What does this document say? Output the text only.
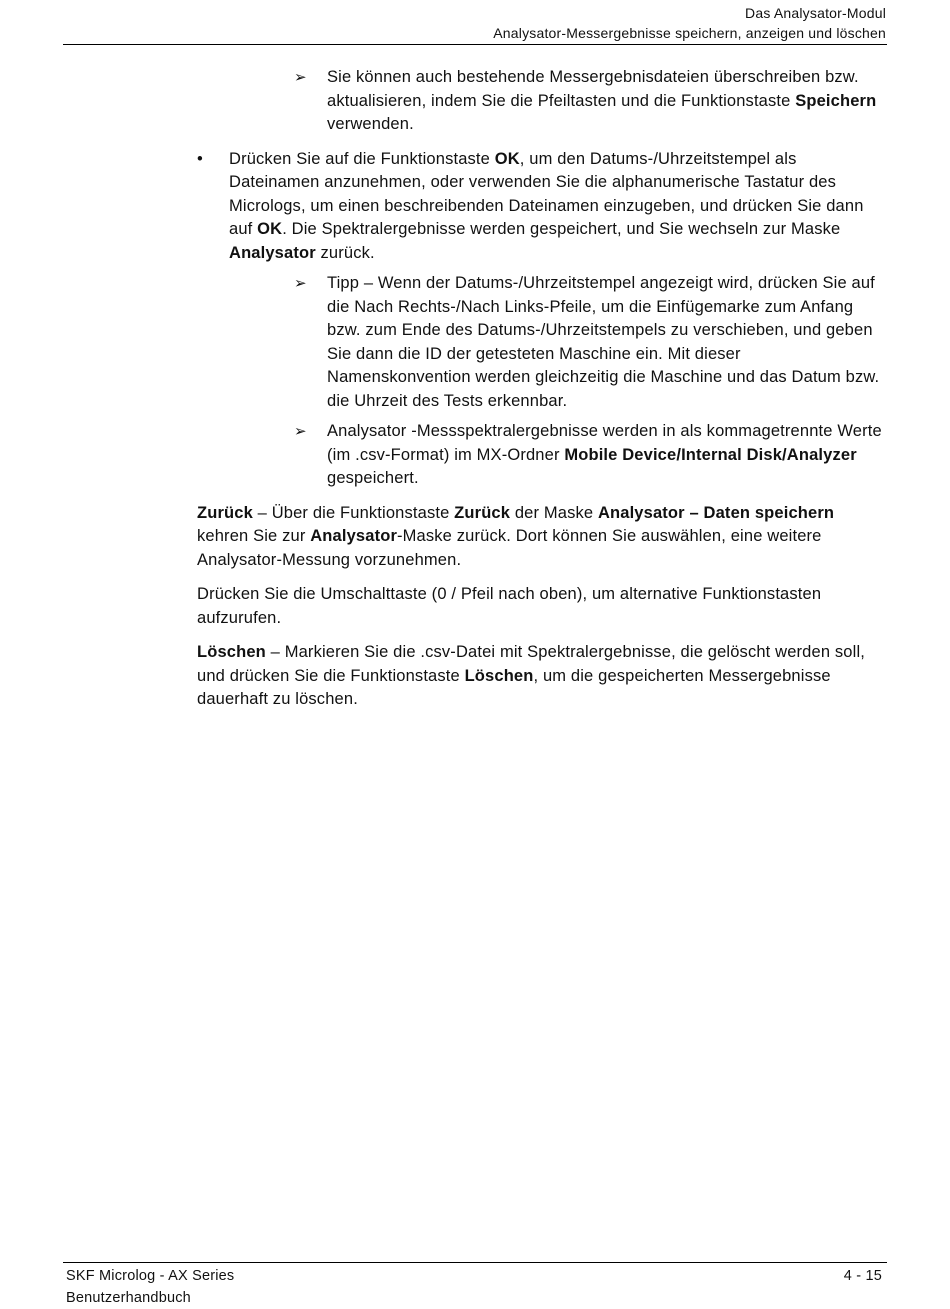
Das Analysator-Modul
Analysator-Messergebnisse speichern, anzeigen und löschen
➢ Sie können auch bestehende Messergebnisdateien überschreiben bzw. aktualisieren, indem Sie die Pfeiltasten und die Funktionstaste Speichern verwenden.

• Drücken Sie auf die Funktionstaste OK, um den Datums-/Uhrzeitstempel als Dateinamen anzunehmen, oder verwenden Sie die alphanumerische Tastatur des Micrologs, um einen beschreibenden Dateinamen einzugeben, und drücken Sie dann auf OK. Die Spektralergebnisse werden gespeichert, und Sie wechseln zur Maske Analysator zurück.

➢ Tipp – Wenn der Datums-/Uhrzeitstempel angezeigt wird, drücken Sie auf die Nach Rechts-/Nach Links-Pfeile, um die Einfügemarke zum Anfang bzw. zum Ende des Datums-/Uhrzeitstempels zu verschieben, und geben Sie dann die ID der getesteten Maschine ein. Mit dieser Namenskonvention werden gleichzeitig die Maschine und das Datum bzw. die Uhrzeit des Tests erkennbar.

➢ Analysator -Messspektralergebnisse werden in als kommagetrennte Werte (im .csv-Format) im MX-Ordner Mobile Device/Internal Disk/Analyzer gespeichert.

Zurück – Über die Funktionstaste Zurück der Maske Analysator – Daten speichern kehren Sie zur Analysator-Maske zurück. Dort können Sie auswählen, eine weitere Analysator-Messung vorzunehmen.

Drücken Sie die Umschalttaste (0 / Pfeil nach oben), um alternative Funktionstasten aufzurufen.

Löschen – Markieren Sie die .csv-Datei mit Spektralergebnisse, die gelöscht werden soll, und drücken Sie die Funktionstaste Löschen, um die gespeicherten Messergebnisse dauerhaft zu löschen.

SKF Microlog - AX Series
Benutzerhandbuch
4 - 15
